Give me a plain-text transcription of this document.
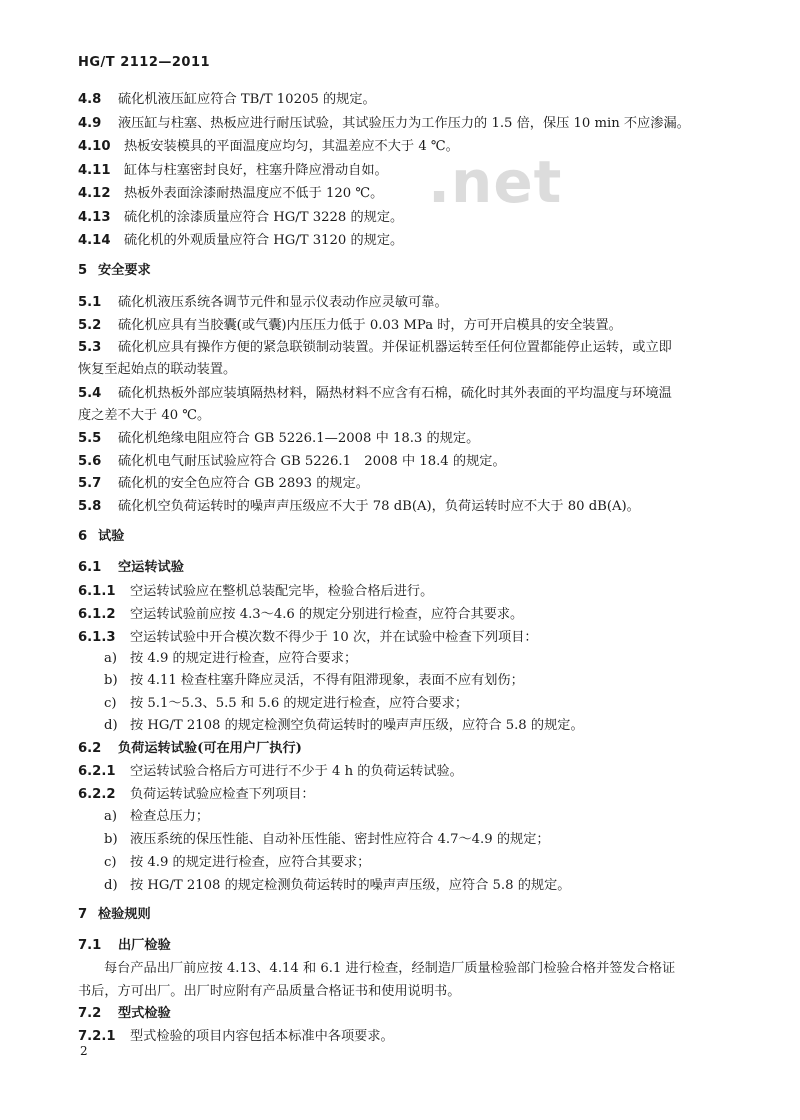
HG/T 2112—2011
.net
4.8 硫化机液压缸应符合 TB/T 10205 的规定。
4.9 液压缸与柱塞、热板应进行耐压试验，其试验压力为工作压力的 1.5 倍，保压 10 min 不应渗漏。
4.10 热板安装模具的平面温度应均匀，其温差应不大于 4 ℃。
4.11 缸体与柱塞密封良好，柱塞升降应滑动自如。
4.12 热板外表面涂漆耐热温度应不低于 120 ℃。
4.13 硫化机的涂漆质量应符合 HG/T 3228 的规定。
4.14 硫化机的外观质量应符合 HG/T 3120 的规定。
5 安全要求
5.1 硫化机液压系统各调节元件和显示仪表动作应灵敏可靠。
5.2 硫化机应具有当胶囊(或气囊)内压压力低于 0.03 MPa 时，方可开启模具的安全装置。
5.3 硫化机应具有操作方便的紧急联锁制动装置。并保证机器运转至任何位置都能停止运转，或立即
恢复至起始点的联动装置。
5.4 硫化机热板外部应装填隔热材料，隔热材料不应含有石棉，硫化时其外表面的平均温度与环境温
度之差不大于 40 ℃。
5.5 硫化机绝缘电阻应符合 GB 5226.1—2008 中 18.3 的规定。
5.6 硫化机电气耐压试验应符合 GB 5226.1　2008 中 18.4 的规定。
5.7 硫化机的安全色应符合 GB 2893 的规定。
5.8 硫化机空负荷运转时的噪声声压级应不大于 78 dB(A)，负荷运转时应不大于 80 dB(A)。
6 试验
6.1 空运转试验
6.1.1 空运转试验应在整机总装配完毕，检验合格后进行。
6.1.2 空运转试验前应按 4.3～4.6 的规定分别进行检查，应符合其要求。
6.1.3 空运转试验中开合模次数不得少于 10 次，并在试验中检查下列项目：
a) 按 4.9 的规定进行检查，应符合要求；
b) 按 4.11 检查柱塞升降应灵活，不得有阻滞现象，表面不应有划伤；
c) 按 5.1～5.3、5.5 和 5.6 的规定进行检查，应符合要求；
d) 按 HG/T 2108 的规定检测空负荷运转时的噪声声压级，应符合 5.8 的规定。
6.2 负荷运转试验(可在用户厂执行)
6.2.1 空运转试验合格后方可进行不少于 4 h 的负荷运转试验。
6.2.2 负荷运转试验应检查下列项目：
a) 检查总压力；
b) 液压系统的保压性能、自动补压性能、密封性应符合 4.7～4.9 的规定；
c) 按 4.9 的规定进行检查，应符合其要求；
d) 按 HG/T 2108 的规定检测负荷运转时的噪声声压级，应符合 5.8 的规定。
7 检验规则
7.1 出厂检验
每台产品出厂前应按 4.13、4.14 和 6.1 进行检查，经制造厂质量检验部门检验合格并签发合格证
书后，方可出厂。出厂时应附有产品质量合格证书和使用说明书。
7.2 型式检验
7.2.1 型式检验的项目内容包括本标准中各项要求。
2
